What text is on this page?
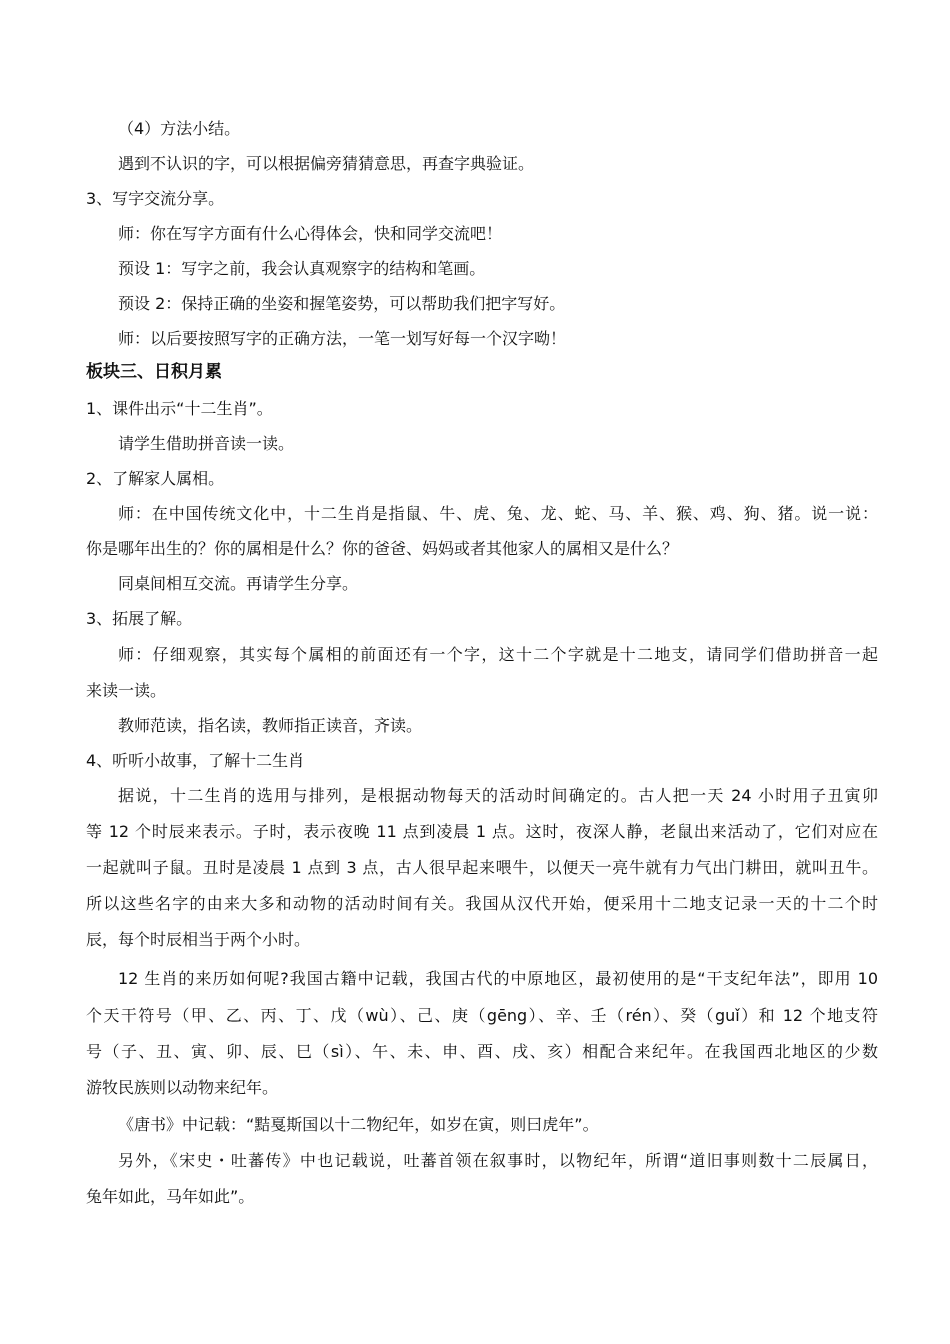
（4）方法小结。
遇到不认识的字，可以根据偏旁猜猜意思，再查字典验证。
3、写字交流分享。
师：你在写字方面有什么心得体会，快和同学交流吧！
预设 1：写字之前，我会认真观察字的结构和笔画。
预设 2：保持正确的坐姿和握笔姿势，可以帮助我们把字写好。
师：以后要按照写字的正确方法，一笔一划写好每一个汉字呦！
板块三、日积月累
1、课件出示“十二生肖”。
请学生借助拼音读一读。
2、了解家人属相。
师：在中国传统文化中，十二生肖是指鼠、牛、虎、兔、龙、蛇、马、羊、猴、鸡、狗、猪。说一说：
你是哪年出生的？你的属相是什么？你的爸爸、妈妈或者其他家人的属相又是什么？
同桌间相互交流。再请学生分享。
3、拓展了解。
师：仔细观察，其实每个属相的前面还有一个字，这十二个字就是十二地支，请同学们借助拼音一起
来读一读。
教师范读，指名读，教师指正读音，齐读。
4、听听小故事，了解十二生肖
据说，十二生肖的选用与排列，是根据动物每天的活动时间确定的。古人把一天 24 小时用子丑寅卯
等 12 个时辰来表示。子时，表示夜晚 11 点到凌晨 1 点。这时，夜深人静，老鼠出来活动了，它们对应在
一起就叫子鼠。丑时是凌晨 1 点到 3 点，古人很早起来喂牛，以便天一亮牛就有力气出门耕田，就叫丑牛。
所以这些名字的由来大多和动物的活动时间有关。我国从汉代开始，便采用十二地支记录一天的十二个时
辰，每个时辰相当于两个小时。
12 生肖的来历如何呢?我国古籍中记载，我国古代的中原地区，最初使用的是“干支纪年法”，即用 10
个天干符号（甲、乙、丙、丁、戊（wù）、己、庚（gēng）、辛、壬（rén）、癸（guǐ）和 12 个地支符
号（子、丑、寅、卯、辰、巳（sì）、午、未、申、酉、戌、亥）相配合来纪年。在我国西北地区的少数
游牧民族则以动物来纪年。
《唐书》中记载：“黠戛斯国以十二物纪年，如岁在寅，则曰虎年”。
另外，《宋史・吐蕃传》中也记载说，吐蕃首领在叙事时，以物纪年，所谓“道旧事则数十二辰属日，
兔年如此，马年如此”。
